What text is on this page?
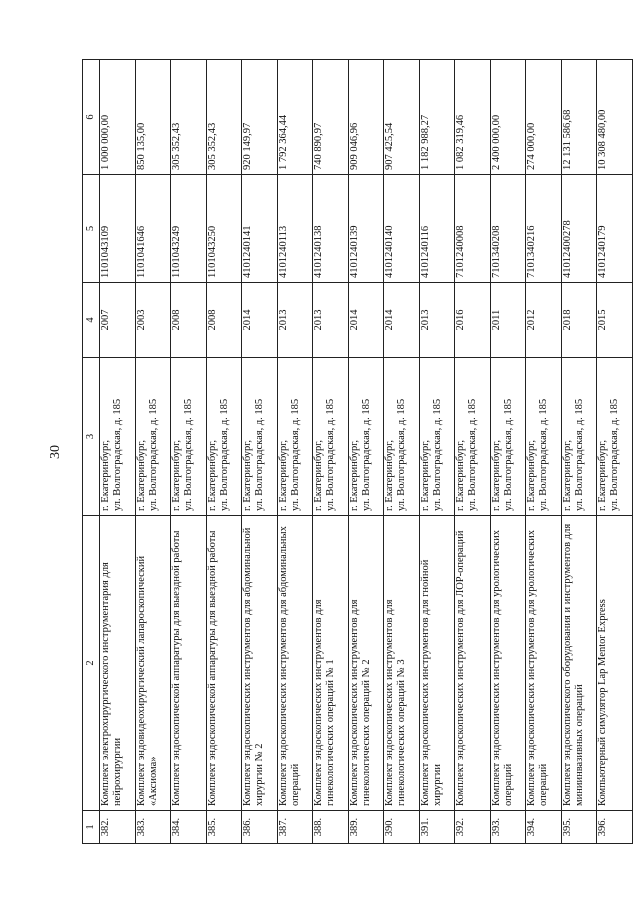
30
1	2	3	4	5	6
382.	Комплект электрохирургического инструментария для нейрохирургии	г. Екатеринбург, ул. Волгоградская, д. 185	2007	1101043109	1 000 000,00
383.	Комплект эндовидеохирургический лапароскопический «Аксиома»	г. Екатеринбург, ул. Волгоградская, д. 185	2003	1101041646	850 135,00
384.	Комплект эндоскопической аппаратуры для выездной работы	г. Екатеринбург, ул. Волгоградская, д. 185	2008	1101043249	305 352,43
385.	Комплект эндоскопической аппаратуры для выездной работы	г. Екатеринбург, ул. Волгоградская, д. 185	2008	1101043250	305 352,43
386.	Комплект эндоскопических инструментов для абдоминальной хирургии № 2	г. Екатеринбург, ул. Волгоградская, д. 185	2014	4101240141	920 149,97
387.	Комплект эндоскопических инструментов для абдоминальных операций	г. Екатеринбург, ул. Волгоградская, д. 185	2013	4101240113	1 792 364,44
388.	Комплект эндоскопических инструментов для гинекологических операций № 1	г. Екатеринбург, ул. Волгоградская, д. 185	2013	4101240138	740 890,97
389.	Комплект эндоскопических инструментов для гинекологических операций № 2	г. Екатеринбург, ул. Волгоградская, д. 185	2014	4101240139	909 046,96
390.	Комплект эндоскопических инструментов для гинекологических операций № 3	г. Екатеринбург, ул. Волгоградская, д. 185	2014	4101240140	907 425,54
391.	Комплект эндоскопических инструментов для гнойной хирургии	г. Екатеринбург, ул. Волгоградская, д. 185	2013	4101240116	1 182 988,27
392.	Комплект эндоскопических инструментов для ЛОР-операций	г. Екатеринбург, ул. Волгоградская, д. 185	2016	7101240008	1 082 319,46
393.	Комплект эндоскопических инструментов для урологических операций	г. Екатеринбург, ул. Волгоградская, д. 185	2011	7101340208	2 400 000,00
394.	Комплект эндоскопических инструментов для урологических операций	г. Екатеринбург, ул. Волгоградская, д. 185	2012	7101340216	274 000,00
395.	Комплект эндоскопического оборудования и инструментов для миниинвазивных операций	г. Екатеринбург, ул. Волгоградская, д. 185	2018	41012400278	12 131 586,68
396.	Компьютерный симулятор Lap Mentor Express	г. Екатеринбург, ул. Волгоградская, д. 185	2015	4101240179	10 308 480,00
